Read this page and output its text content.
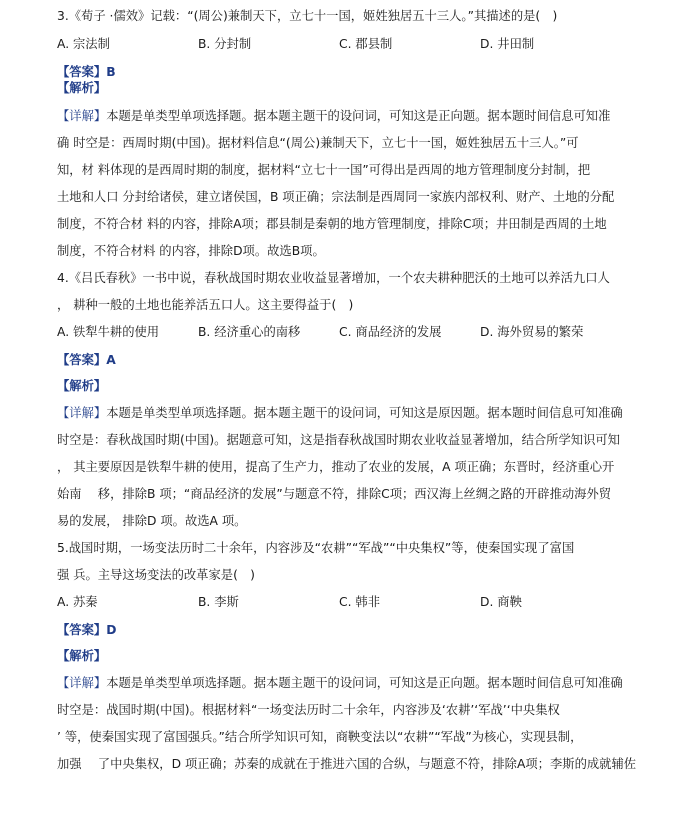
3.《荀子 ·儒效》记载：“(周公)兼制天下，立七十一国，姬姓独居五十三人。”其描述的是(　)
A. 宗法制	B. 分封制	C. 郡县制	D. 井田制
【答案】B
【解析】
【详解】本题是单类型单项选择题。据本题主题干的设问词，可知这是正向题。据本题时间信息可知准
确 时空是：西周时期(中国)。据材料信息“(周公)兼制天下，立七十一国，姬姓独居五十三人。”可
知，材 料体现的是西周时期的制度，据材料“立七十一国”可得出是西周的地方管理制度分封制，把
土地和人口 分封给诸侯，建立诸侯国，B 项正确；宗法制是西周同一家族内部权利、财产、土地的分配
制度，不符合材 料的内容，排除A项；郡县制是秦朝的地方管理制度，排除C项；井田制是西周的土地
制度，不符合材料 的内容，排除D项。故选B项。
4.《吕氏春秋》一书中说，春秋战国时期农业收益显著增加，一个农夫耕种肥沃的土地可以养活九口人
， 耕种一般的土地也能养活五口人。这主要得益于(　)
A. 铁犁牛耕的使用	B. 经济重心的南移	C. 商品经济的发展	D. 海外贸易的繁荣
【答案】A
【解析】
【详解】本题是单类型单项选择题。据本题主题干的设问词，可知这是原因题。据本题时间信息可知准确
时空是：春秋战国时期(中国)。据题意可知，这是指春秋战国时期农业收益显著增加，结合所学知识可知
， 其主要原因是铁犁牛耕的使用，提高了生产力，推动了农业的发展，A 项正确；东晋时，经济重心开
始南 　移，排除B 项；“商品经济的发展”与题意不符，排除C项；西汉海上丝绸之路的开辟推动海外贸
易的发展， 排除D 项。故选A 项。
5.战国时期，一场变法历时二十余年，内容涉及“农耕”“军战”“中央集权”等，使秦国实现了富国
强 兵。主导这场变法的改革家是(　)
A. 苏秦	B. 李斯	C. 韩非	D. 商鞅
【答案】D
【解析】
【详解】本题是单类型单项选择题。据本题主题干的设问词，可知这是正向题。据本题时间信息可知准确
时空是：战国时期(中国)。根据材料“一场变法历时二十余年，内容涉及‘农耕’‘军战’‘中央集权
’ 等，使秦国实现了富国强兵。”结合所学知识可知，商鞅变法以“农耕”“军战”为核心，实现县制，
加强 　了中央集权，D 项正确；苏秦的成就在于推进六国的合纵，与题意不符，排除A项；李斯的成就辅佐
